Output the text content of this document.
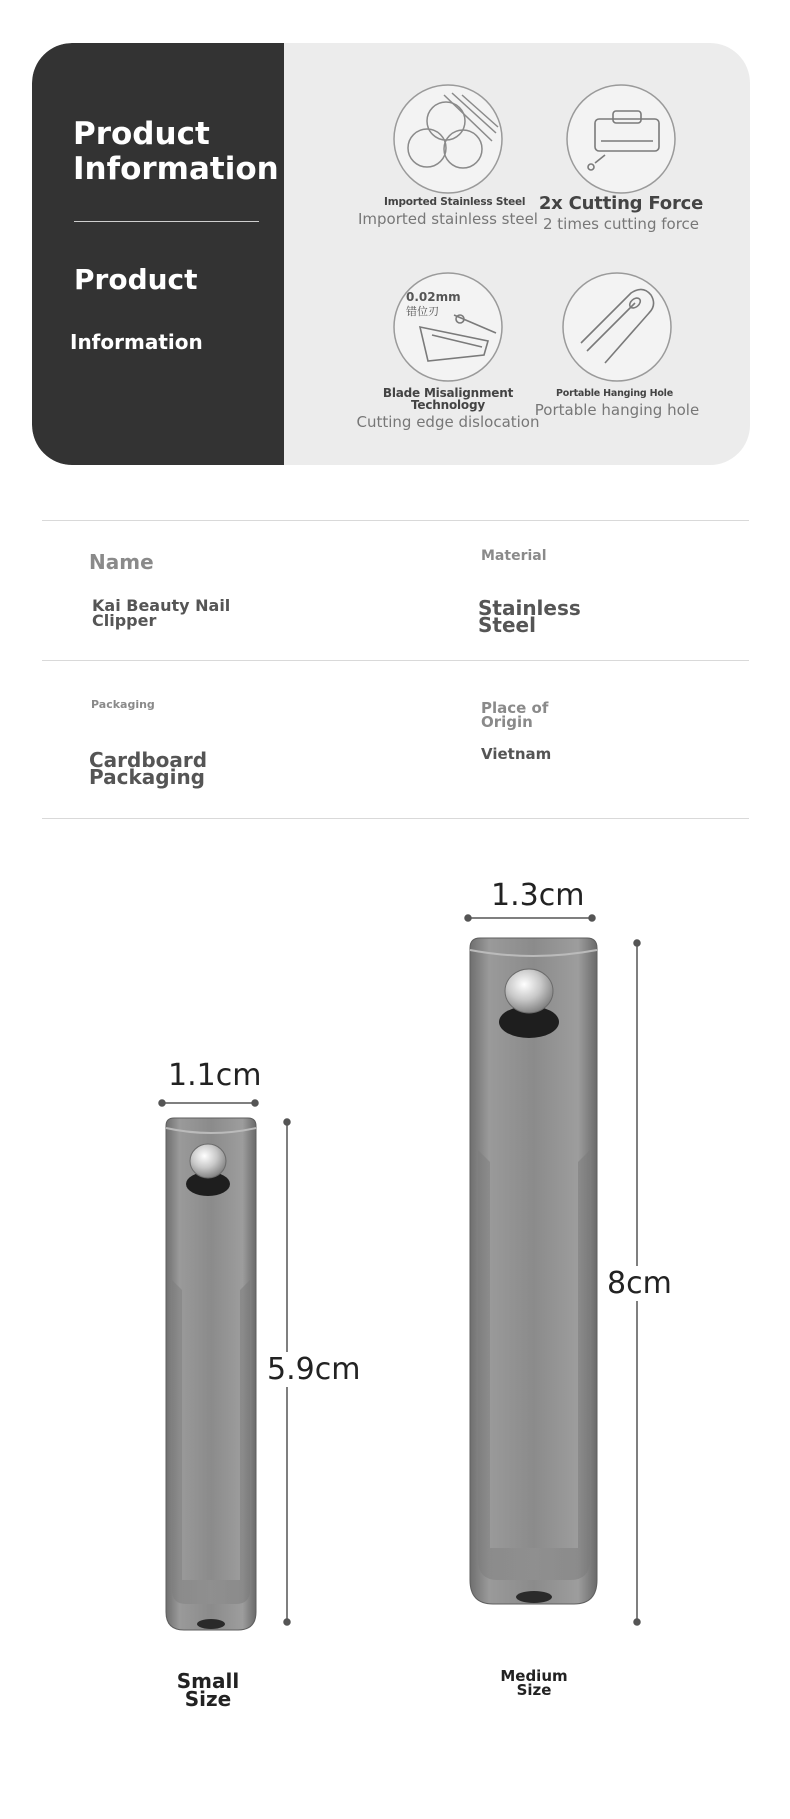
Product Information
Product
Information
Imported Stainless Steel
Imported stainless steel
2x Cutting Force
2 times cutting force
0.02mm
错位刃
Blade Misalignment Technology
Cutting edge dislocation
Portable Hanging Hole
Portable hanging hole
Name
Kai Beauty Nail Clipper
Material
Stainless Steel
Packaging
Cardboard Packaging
Place of Origin
Vietnam
1.1cm
5.9cm
1.3cm
8cm
Small Size
Medium Size
